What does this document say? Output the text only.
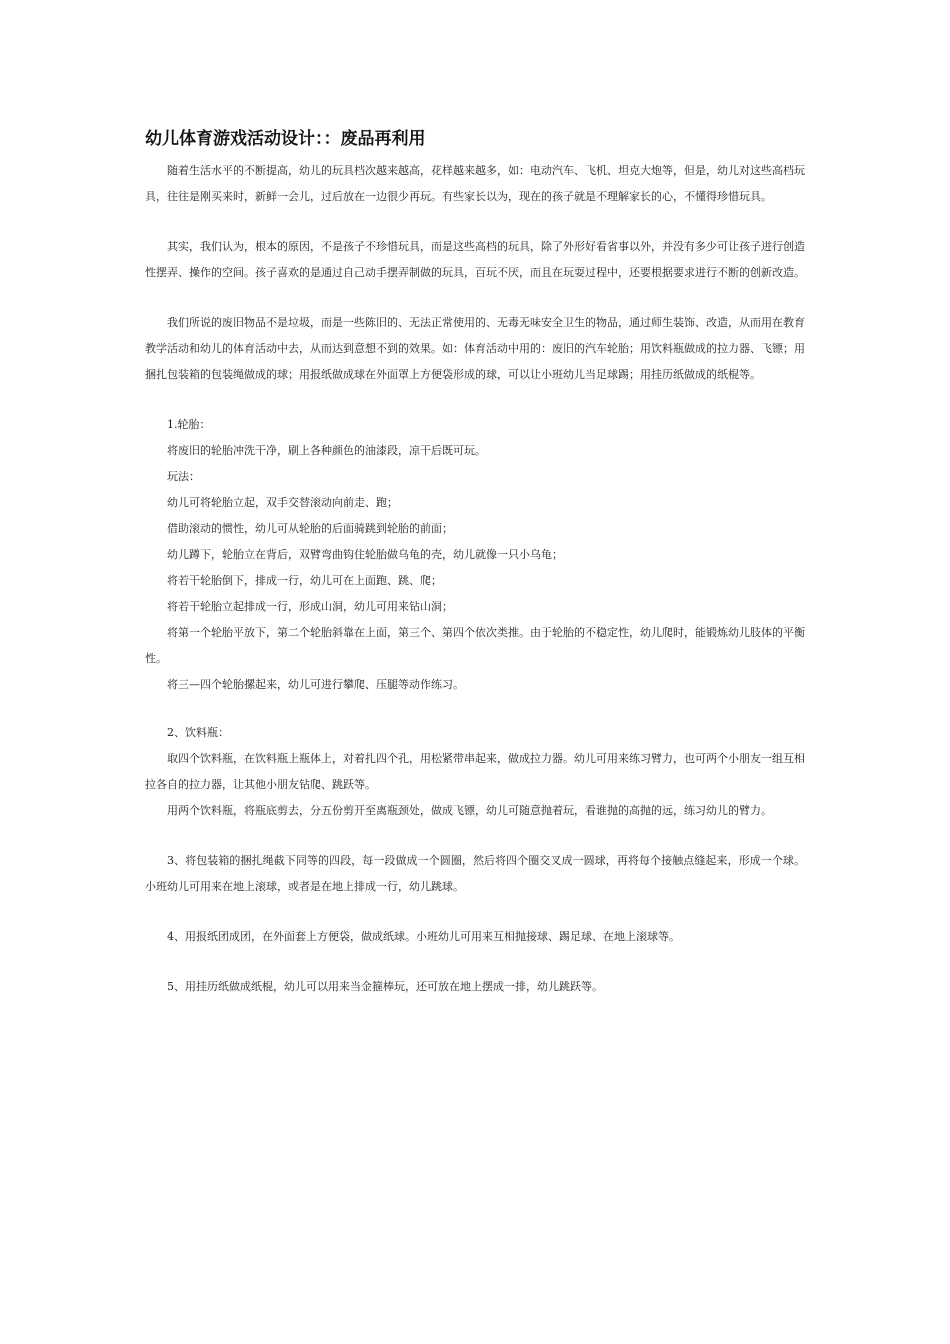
幼儿体育游戏活动设计：：废品再利用

随着生活水平的不断提高，幼儿的玩具档次越来越高，花样越来越多，如：电动汽车、飞机、坦克大炮等，但是，幼儿对这些高档玩具，往往是刚买来时，新鲜一会儿，过后放在一边很少再玩。有些家长以为，现在的孩子就是不理解家长的心，不懂得珍惜玩具。

其实，我们认为，根本的原因，不是孩子不珍惜玩具，而是这些高档的玩具，除了外形好看省事以外，并没有多少可让孩子进行创造性摆弄、操作的空间。孩子喜欢的是通过自己动手摆弄制做的玩具，百玩不厌，而且在玩耍过程中，还要根据要求进行不断的创新改造。

我们所说的废旧物品不是垃圾，而是一些陈旧的、无法正常使用的、无毒无味安全卫生的物品，通过师生装饰、改造，从而用在教育教学活动和幼儿的体育活动中去，从而达到意想不到的效果。如：体育活动中用的：废旧的汽车轮胎；用饮料瓶做成的拉力器、飞镖；用捆扎包装箱的包装绳做成的球；用报纸做成球在外面罩上方便袋形成的球，可以让小班幼儿当足球踢；用挂历纸做成的纸棍等。

1.轮胎：

将废旧的轮胎冲洗干净，刷上各种颜色的油漆段，凉干后既可玩。

玩法：

幼儿可将轮胎立起，双手交替滚动向前走、跑；

借助滚动的惯性，幼儿可从轮胎的后面骑跳到轮胎的前面；

幼儿蹲下，轮胎立在背后，双臂弯曲钩住轮胎做乌龟的壳，幼儿就像一只小乌龟；

将若干轮胎倒下，排成一行，幼儿可在上面跑、跳、爬；

将若干轮胎立起排成一行，形成山洞，幼儿可用来钻山洞；

将第一个轮胎平放下，第二个轮胎斜靠在上面，第三个、第四个依次类推。由于轮胎的不稳定性，幼儿爬时，能锻炼幼儿肢体的平衡性。

将三—四个轮胎摞起来，幼儿可进行攀爬、压腿等动作练习。

2、饮料瓶：

取四个饮料瓶，在饮料瓶上瓶体上，对着扎四个孔，用松紧带串起来，做成拉力器。幼儿可用来练习臂力，也可两个小朋友一组互相拉各自的拉力器，让其他小朋友钻爬、跳跃等。

用两个饮料瓶，将瓶底剪去，分五份剪开至离瓶颈处，做成飞镖，幼儿可随意抛着玩，看谁抛的高抛的远，练习幼儿的臂力。

3、将包装箱的捆扎绳截下同等的四段，每一段做成一个圆圈，然后将四个圈交叉成一圆球，再将每个接触点缝起来，形成一个球。小班幼儿可用来在地上滚球，或者是在地上排成一行，幼儿跳球。

4、用报纸团成团，在外面套上方便袋，做成纸球。小班幼儿可用来互相抛接球、踢足球、在地上滚球等。

5、用挂历纸做成纸棍，幼儿可以用来当金箍棒玩，还可放在地上摆成一排，幼儿跳跃等。
